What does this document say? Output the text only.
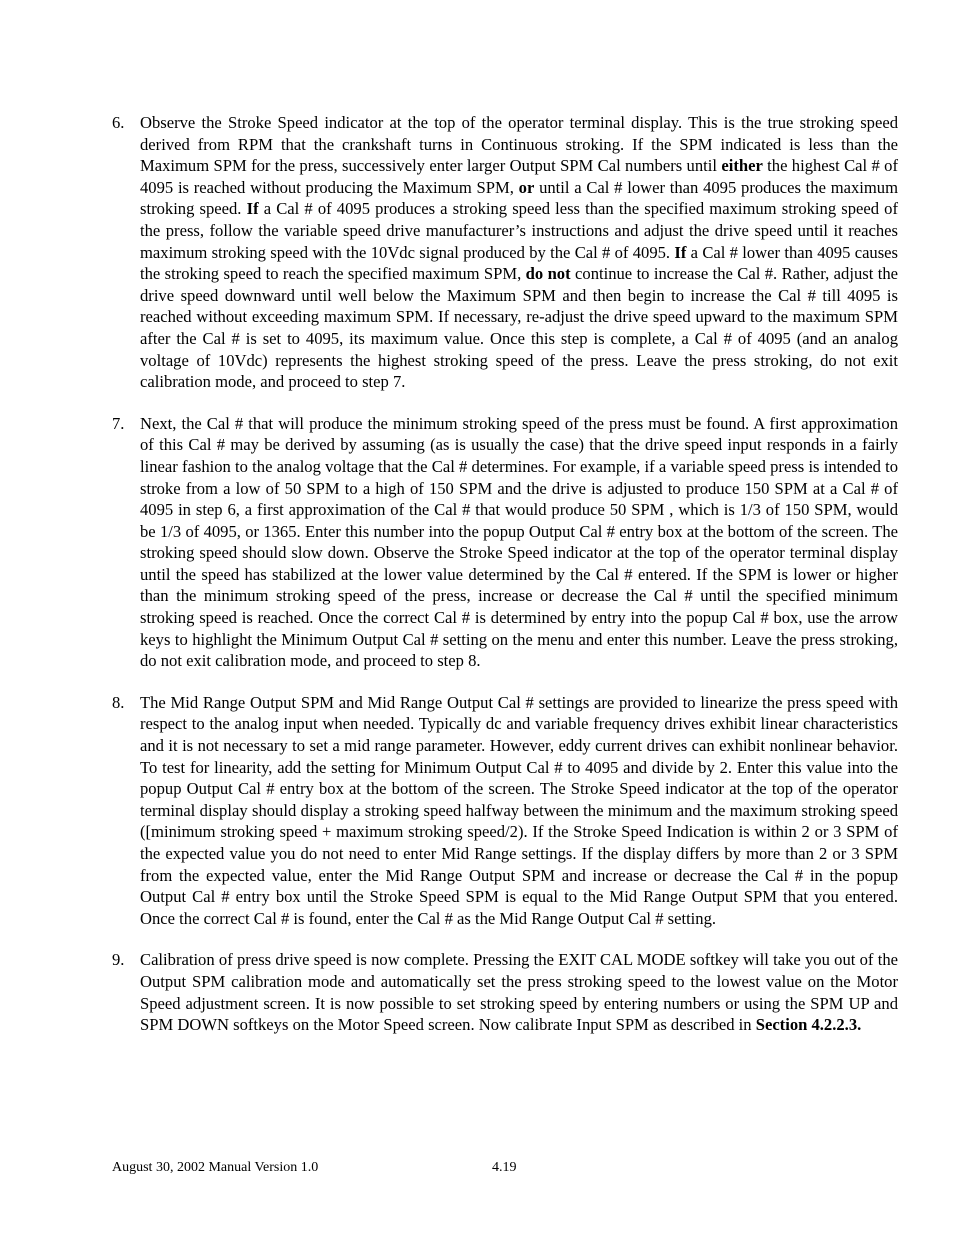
6. Observe the Stroke Speed indicator at the top of the operator terminal display. This is the true stroking speed derived from RPM that the crankshaft turns in Continuous stroking. If the SPM indicated is less than the Maximum SPM for the press, successively enter larger Output SPM Cal numbers until either the highest Cal # of 4095 is reached without producing the Maximum SPM, or until a Cal # lower than 4095 produces the maximum stroking speed. If a Cal # of 4095 produces a stroking speed less than the specified maximum stroking speed of the press, follow the variable speed drive manufacturer’s instructions and adjust the drive speed until it reaches maximum stroking speed with the 10Vdc signal produced by the Cal # of 4095. If a Cal # lower than 4095 causes the stroking speed to reach the specified maximum SPM, do not continue to increase the Cal #. Rather, adjust the drive speed downward until well below the Maximum SPM and then begin to increase the Cal # till 4095 is reached without exceeding maximum SPM. If necessary, re-adjust the drive speed upward to the maximum SPM after the Cal # is set to 4095, its maximum value. Once this step is complete, a Cal # of 4095 (and an analog voltage of 10Vdc) represents the highest stroking speed of the press. Leave the press stroking, do not exit calibration mode, and proceed to step 7.
7. Next, the Cal # that will produce the minimum stroking speed of the press must be found. A first approximation of this Cal # may be derived by assuming (as is usually the case) that the drive speed input responds in a fairly linear fashion to the analog voltage that the Cal # determines. For example, if a variable speed press is intended to stroke from a low of 50 SPM to a high of 150 SPM and the drive is adjusted to produce 150 SPM at a Cal # of 4095 in step 6, a first approximation of the Cal # that would produce 50 SPM , which is 1/3 of 150 SPM, would be 1/3 of 4095, or 1365. Enter this number into the popup Output Cal # entry box at the bottom of the screen. The stroking speed should slow down. Observe the Stroke Speed indicator at the top of the operator terminal display until the speed has stabilized at the lower value determined by the Cal # entered. If the SPM is lower or higher than the minimum stroking speed of the press, increase or decrease the Cal # until the specified minimum stroking speed is reached. Once the correct Cal # is determined by entry into the popup Cal # box, use the arrow keys to highlight the Minimum Output Cal # setting on the menu and enter this number. Leave the press stroking, do not exit calibration mode, and proceed to step 8.
8. The Mid Range Output SPM and Mid Range Output Cal # settings are provided to linearize the press speed with respect to the analog input when needed. Typically dc and variable frequency drives exhibit linear characteristics and it is not necessary to set a mid range parameter. However, eddy current drives can exhibit nonlinear behavior. To test for linearity, add the setting for Minimum Output Cal # to 4095 and divide by 2. Enter this value into the popup Output Cal # entry box at the bottom of the screen. The Stroke Speed indicator at the top of the operator terminal display should display a stroking speed halfway between the minimum and the maximum stroking speed ([minimum stroking speed + maximum stroking speed/2). If the Stroke Speed Indication is within 2 or 3 SPM of the expected value you do not need to enter Mid Range settings. If the display differs by more than 2 or 3 SPM from the expected value, enter the Mid Range Output SPM and increase or decrease the Cal # in the popup Output Cal # entry box until the Stroke Speed SPM is equal to the Mid Range Output SPM that you entered. Once the correct Cal # is found, enter the Cal # as the Mid Range Output Cal # setting.
9. Calibration of press drive speed is now complete. Pressing the EXIT CAL MODE softkey will take you out of the Output SPM calibration mode and automatically set the press stroking speed to the lowest value on the Motor Speed adjustment screen. It is now possible to set stroking speed by entering numbers or using the SPM UP and SPM DOWN softkeys on the Motor Speed screen. Now calibrate Input SPM as described in Section 4.2.2.3.
August 30, 2002 Manual Version 1.0	4.19
